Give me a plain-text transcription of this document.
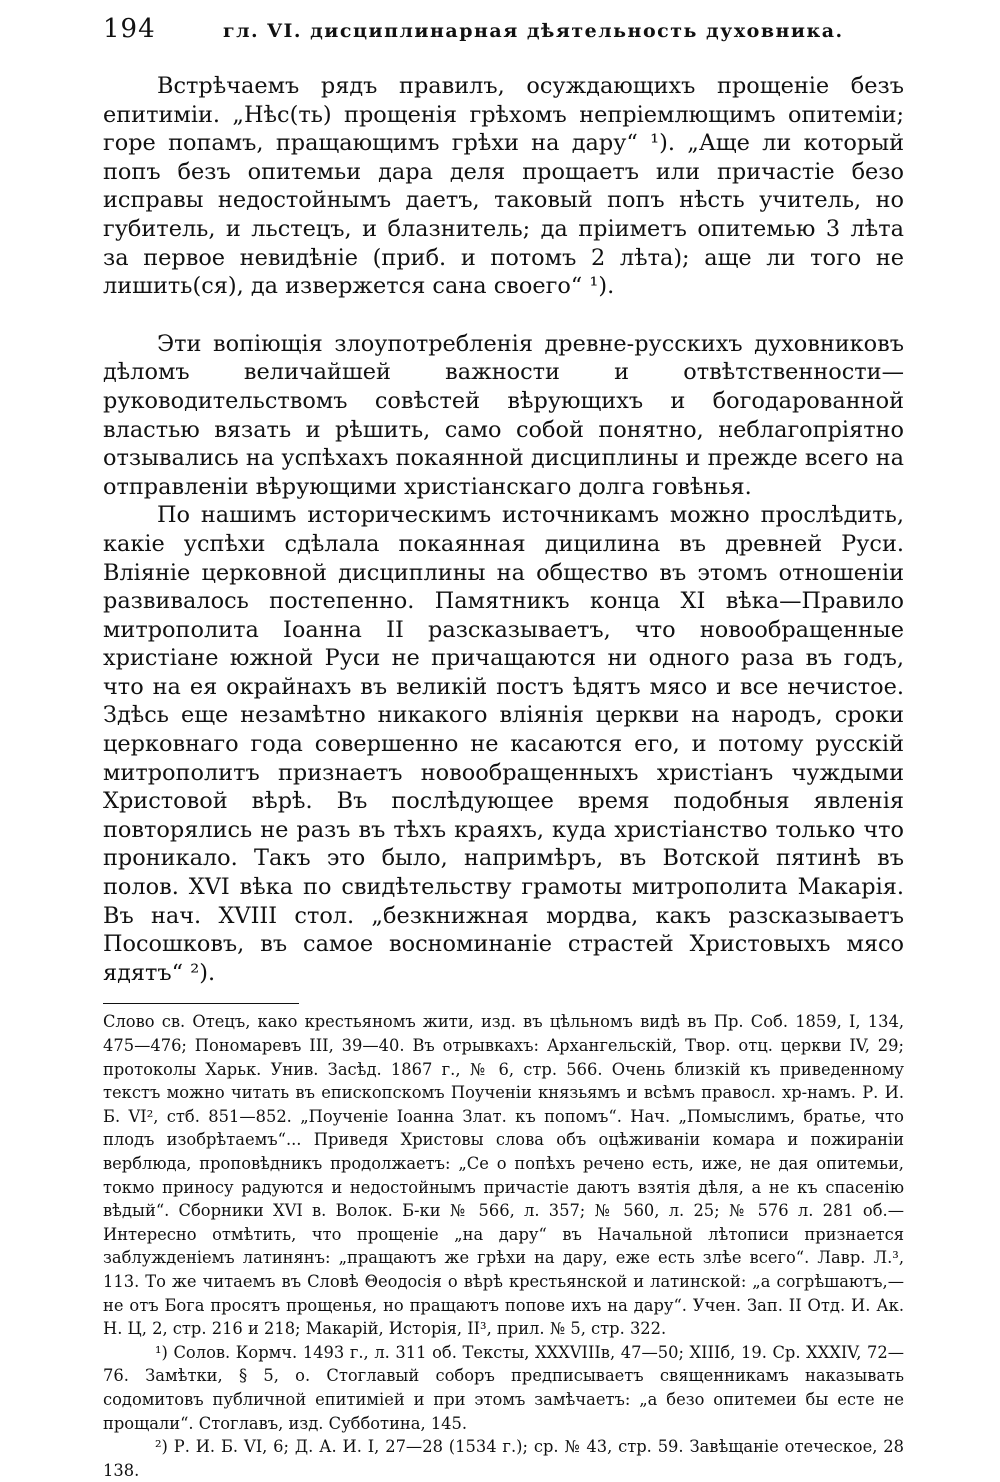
194	гл. VI. дисциплинарная дѣятельность духовника.

Встрѣчаемъ рядъ правилъ, осуждающихъ прощенiе безъ епитимiи. „Нѣс(ть) прощенiя грѣхомъ непрiемлющимъ опитемiи; горе попамъ, пращающимъ грѣхи на дару“ ¹). „Аще ли который попъ безъ опитемьи дара деля прощаетъ или причастiе безо исправы недостойнымъ даетъ, таковый попъ нѣсть учитель, но губитель, и льстецъ, и блазнитель; да прiиметъ опитемью 3 лѣта за первое невидѣнiе (приб. и потомъ 2 лѣта); аще ли того не лишить(ся), да извержется сана своего“ ¹).

Эти вопiющiя злоупотребленiя древне-русскихъ духовниковъ дѣломъ величайшей важности и отвѣтственности—руководительствомъ совѣстей вѣрующихъ и богодарованной властью вязать и рѣшить, само собой понятно, неблагопрiятно отзывались на успѣхахъ покаянной дисциплины и прежде всего на отправленiи вѣрующими христiанскаго долга говѣнья.

По нашимъ историческимъ источникамъ можно прослѣдить, какiе успѣхи сдѣлала покаянная дицилина въ древней Руси. Влiянiе церковной дисциплины на общество въ этомъ отношенiи развивалось постепенно. Памятникъ конца XI вѣка—Правило митрополита Iоанна II разсказываетъ, что новообращенные христiане южной Руси не причащаются ни одного раза въ годъ, что на ея окрайнахъ въ великiй постъ ѣдятъ мясо и все нечистое. Здѣсь еще незамѣтно никакого влiянiя церкви на народъ, сроки церковнаго года совершенно не касаются его, и потому русскiй митрополитъ признаетъ новообращенныхъ христiанъ чуждыми Христовой вѣрѣ. Въ послѣдующее время подобныя явленiя повторялись не разъ въ тѣхъ краяхъ, куда христiанство только что проникало. Такъ это было, напримѣръ, въ Вотской пятинѣ въ полов. XVI вѣка по свидѣтельству грамоты митрополита Макарiя. Въ нач. XVIII стол. „безкнижная мордва, какъ разсказываетъ Посошковъ, въ самое восноминанiе страстей Христовыхъ мясо ядятъ“ ²).

Слово св. Отецъ, како крестьяномъ жити, изд. въ цѣльномъ видѣ въ Пр. Соб. 1859, I, 134, 475—476; Пономаревъ III, 39—40. Въ отрывкахъ: Архангельскiй, Твор. отц. церкви IV, 29; протоколы Харьк. Унив. Засѣд. 1867 г., № 6, стр. 566. Очень близкiй къ приведенному текстъ можно читать въ епископскомъ Поученiи князьямъ и всѣмъ правосл. хр-намъ. Р. И. Б. VI², стб. 851—852. „Поученiе Iоанна Злат. къ попомъ“. Нач. „Помыслимъ, братье, что плодъ изобрѣтаемъ“... Приведя Христовы слова объ оцѣживанiи комара и пожиранiи верблюда, проповѣдникъ продолжаетъ: „Се о попѣхъ речено есть, иже, не дая опитемьи, токмо приносу радуются и недостойнымъ причастiе даютъ взятiя дѣля, а не къ спасенiю вѣдый“. Сборники XVI в. Волок. Б-ки № 566, л. 357; № 560, л. 25; № 576 л. 281 об.— Интересно отмѣтить, что прощенiе „на дару“ въ Начальной лѣтописи признается заблужденiемъ латинянъ: „пращаютъ же грѣхи на дару, еже есть злѣе всего“. Лавр. Л.³, 113. То же читаемъ въ Словѣ Θеодосiя о вѣрѣ крестьянской и латинской: „а согрѣшаютъ,— не отъ Бога просятъ прощенья, но пращаютъ попове ихъ на дару“. Учен. Зап. II Отд. И. Ак. Н. Ц, 2, стр. 216 и 218; Макарiй, Исторiя, II³, прил. № 5, стр. 322.

¹) Солов. Кормч. 1493 г., л. 311 об. Тексты, XXXVIIIв, 47—50; XIIIб, 19. Ср. XXXIV, 72—76. Замѣтки, § 5, о. Стоглавый соборъ предписываетъ священникамъ наказывать содомитовъ публичной епитимiей и при этомъ замѣчаетъ: „а безо опитемеи бы есте не прощали“. Стоглавъ, изд. Субботина, 145.

²) Р. И. Б. VI, 6; Д. А. И. I, 27—28 (1534 г.); ср. № 43, стр. 59. Завѣщанiе отеческое, 28 138.
